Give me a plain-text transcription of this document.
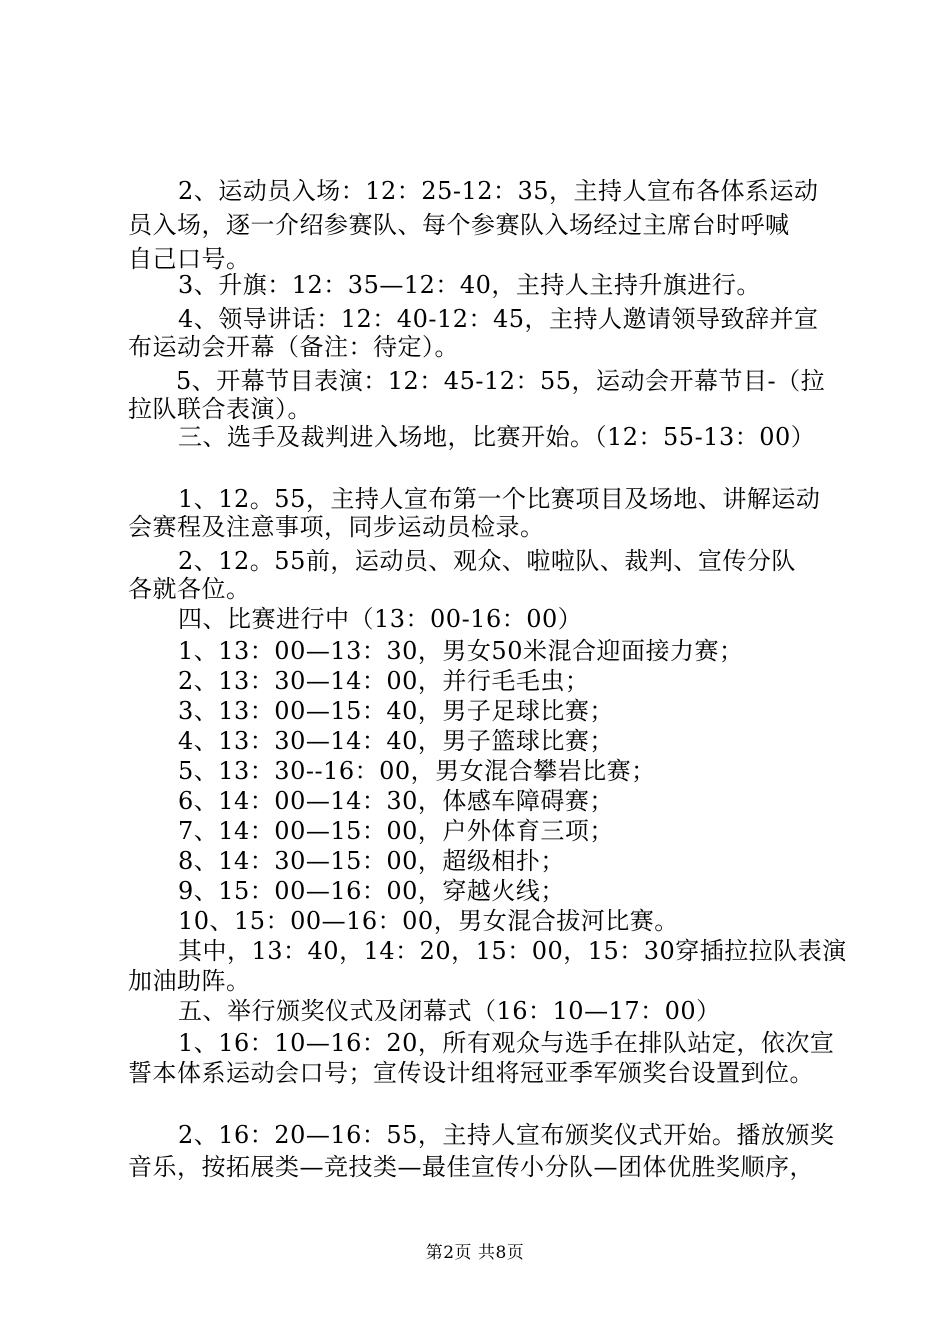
2、运动员入场：12：25-12：35，主持人宣布各体系运动
员入场，逐一介绍参赛队、每个参赛队入场经过主席台时呼喊
自己口号。
3、升旗：12：35—12：40，主持人主持升旗进行。
4、领导讲话：12：40-12：45，主持人邀请领导致辞并宣
布运动会开幕（备注：待定）。
5、开幕节目表演：12：45-12：55，运动会开幕节目-（拉
拉队联合表演）。
三、选手及裁判进入场地，比赛开始。（12：55-13：00）
1、12。55，主持人宣布第一个比赛项目及场地、讲解运动
会赛程及注意事项，同步运动员检录。
2、12。55前，运动员、观众、啦啦队、裁判、宣传分队
各就各位。
四、比赛进行中（13：00-16：00）
1、13：00—13：30，男女50米混合迎面接力赛；
2、13：30—14：00，并行毛毛虫；
3、13：00—15：40，男子足球比赛；
4、13：30—14：40，男子篮球比赛；
5、13：30--16：00，男女混合攀岩比赛；
6、14：00—14：30，体感车障碍赛；
7、14：00—15：00，户外体育三项；
8、14：30—15：00，超级相扑；
9、15：00—16：00，穿越火线；
10、15：00—16：00，男女混合拔河比赛。
其中，13：40，14：20，15：00，15：30穿插拉拉队表演
加油助阵。
五、举行颁奖仪式及闭幕式（16：10—17：00）
1、16：10—16：20，所有观众与选手在排队站定，依次宣
誓本体系运动会口号；宣传设计组将冠亚季军颁奖台设置到位。
2、16：20—16：55，主持人宣布颁奖仪式开始。播放颁奖
音乐，按拓展类—竞技类—最佳宣传小分队—团体优胜奖顺序，
第2页 共8页
